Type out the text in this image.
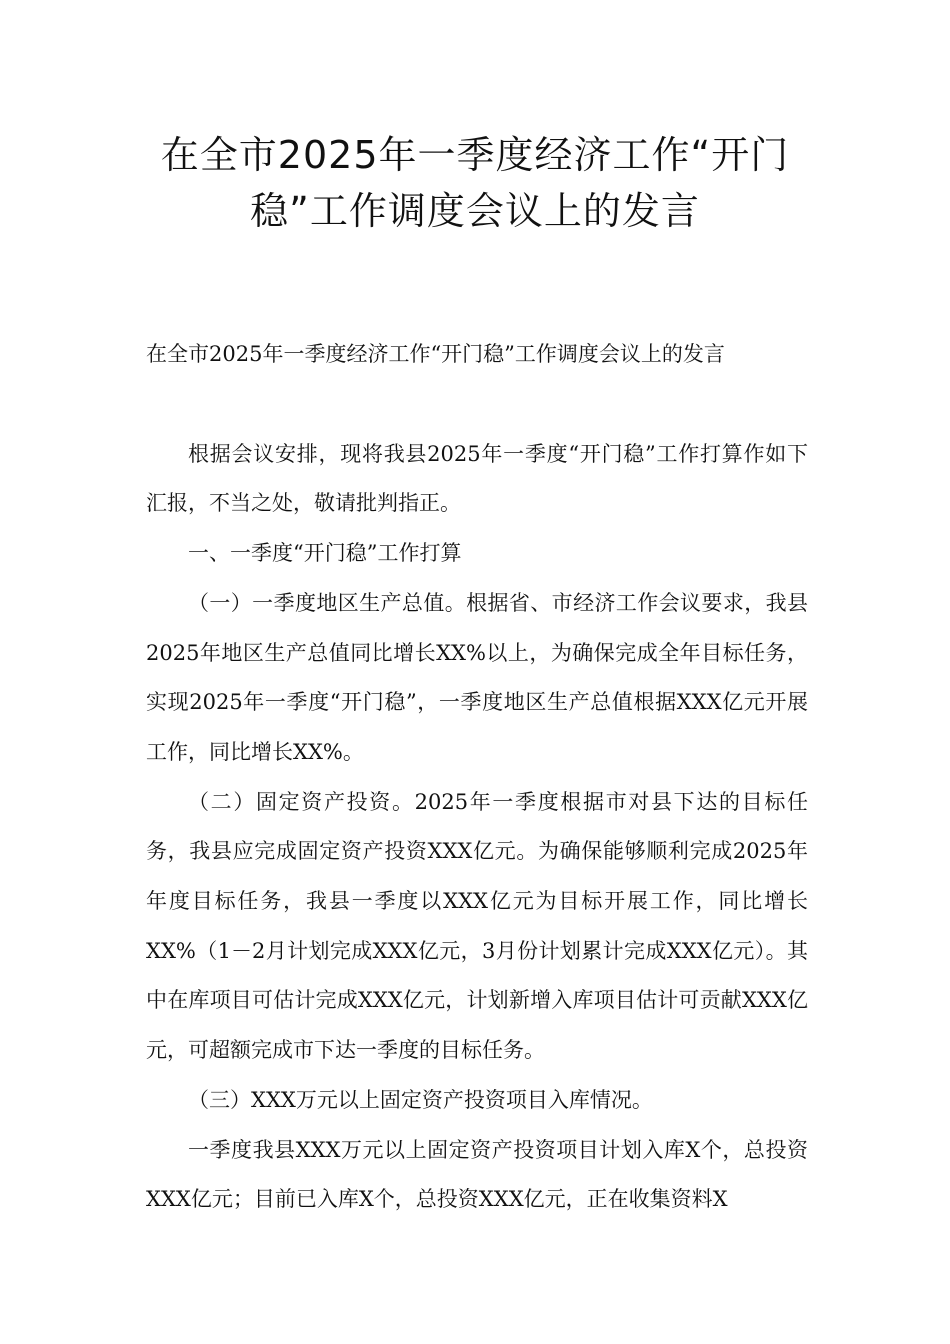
在全市2025年一季度经济工作“开门
稳”工作调度会议上的发言

在全市2025年一季度经济工作“开门稳”工作调度会议上的发言

根据会议安排，现将我县2025年一季度“开门稳”工作打算作如下汇报，不当之处，敬请批判指正。

一、一季度“开门稳”工作打算

（一）一季度地区生产总值。根据省、市经济工作会议要求，我县2025年地区生产总值同比增长XX%以上，为确保完成全年目标任务，实现2025年一季度“开门稳”，一季度地区生产总值根据XXX亿元开展工作，同比增长XX%。

（二）固定资产投资。2025年一季度根据市对县下达的目标任务，我县应完成固定资产投资XXX亿元。为确保能够顺利完成2025年年度目标任务，我县一季度以XXX亿元为目标开展工作，同比增长XX%（1－2月计划完成XXX亿元，3月份计划累计完成XXX亿元）。其中在库项目可估计完成XXX亿元，计划新增入库项目估计可贡献XXX亿元，可超额完成市下达一季度的目标任务。

（三）XXX万元以上固定资产投资项目入库情况。

一季度我县XXX万元以上固定资产投资项目计划入库X个，总投资XXX亿元；目前已入库X个，总投资XXX亿元，正在收集资料X
